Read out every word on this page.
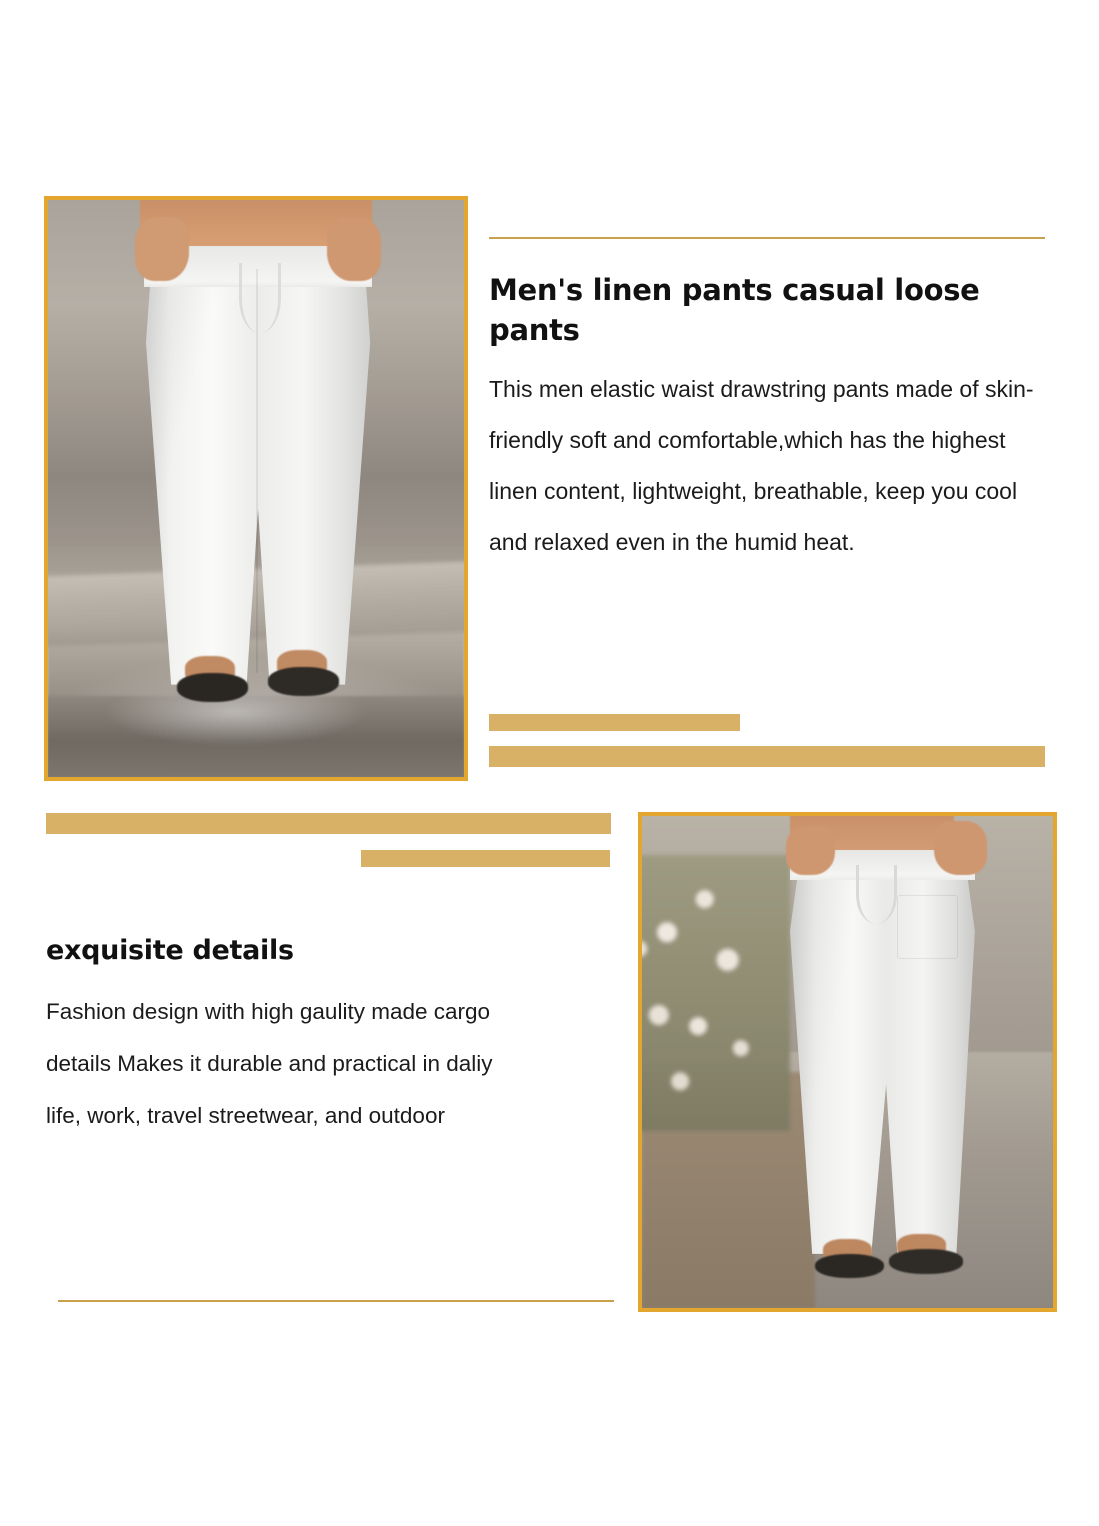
Men's linen pants casual loose pants
This men elastic waist drawstring pants made of skin-friendly soft and comfortable,which has the highest linen content, lightweight, breathable, keep you cool and relaxed even in the humid heat.
exquisite details
Fashion design with high gaulity made cargo details Makes it durable and practical in daliy life, work, travel streetwear, and outdoor
